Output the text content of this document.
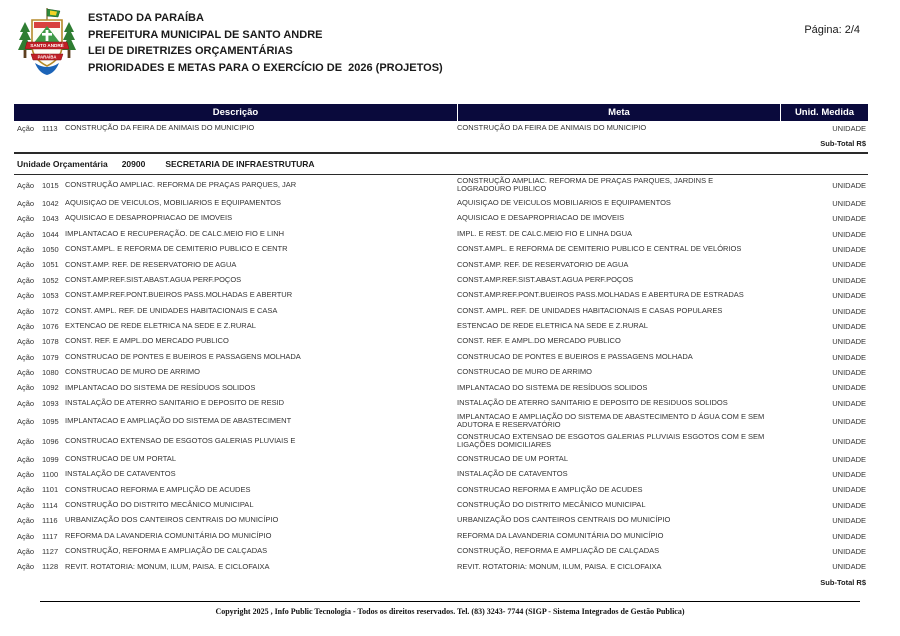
SANTO ANDRÉ
PARAÍBA
ESTADO DA PARAÍBA
PREFEITURA MUNICIPAL DE SANTO ANDRE
LEI DE DIRETRIZES ORÇAMENTÁRIAS
PRIORIDADES E METAS PARA O EXERCÍCIO DE  2026 (PROJETOS)
Página: 2/4
Descrição	Meta	Unid. Medida
Ação	1113 CONSTRUÇÃO DA FEIRA DE ANIMAIS DO MUNICIPIO	CONSTRUÇÃO DA FEIRA DE ANIMAIS DO MUNICIPIO	UNIDADE
Sub-Total R$
Unidade Orçamentária 20900 SECRETARIA DE INFRAESTRUTURA
Ação	1015 CONSTRUÇÃO AMPLIAC. REFORMA DE PRAÇAS PARQUES, JAR	CONSTRUÇÃO AMPLIAC. REFORMA DE PRAÇAS PARQUES, JARDINS E LOGRADOURO PUBLICO	UNIDADE
Ação	1042 AQUISIÇAO DE VEICULOS, MOBILIARIOS E EQUIPAMENTOS	AQUISIÇAO DE VEICULOS MOBILIARIOS E EQUIPAMENTOS	UNIDADE
Ação	1043 AQUISICAO E DESAPROPRIACAO DE IMOVEIS	AQUISICAO E DESAPROPRIACAO DE IMOVEIS	UNIDADE
Ação	1044 IMPLANTACAO E RECUPERAÇÃO. DE CALC.MEIO FIO E LINH	IMPL. E REST. DE CALC.MEIO FIO E LINHA DGUA	UNIDADE
Ação	1050 CONST.AMPL. E REFORMA DE CEMITERIO PUBLICO E CENTR	CONST.AMPL. E REFORMA DE CEMITERIO PUBLICO E CENTRAL DE VELÓRIOS	UNIDADE
Ação	1051 CONST.AMP. REF. DE RESERVATORIO DE AGUA	CONST.AMP. REF. DE RESERVATORIO DE AGUA	UNIDADE
Ação	1052 CONST.AMP.REF.SIST.ABAST.AGUA PERF.POÇOS	CONST.AMP.REF.SIST.ABAST.AGUA PERF.POÇOS	UNIDADE
Ação	1053 CONST.AMP.REF.PONT.BUEIROS PASS.MOLHADAS E ABERTUR	CONST.AMP.REF.PONT.BUEIROS PASS.MOLHADAS E ABERTURA DE ESTRADAS	UNIDADE
Ação	1072 CONST. AMPL. REF. DE UNIDADES HABITACIONAIS E CASA	CONST. AMPL. REF. DE UNIDADES HABITACIONAIS E CASAS POPULARES	UNIDADE
Ação	1076 EXTENCAO DE REDE ELETRICA NA SEDE E Z.RURAL	ESTENCAO DE REDE ELETRICA NA SEDE E Z.RURAL	UNIDADE
Ação	1078 CONST. REF. E AMPL.DO MERCADO PUBLICO	CONST. REF. E AMPL.DO MERCADO PUBLICO	UNIDADE
Ação	1079 CONSTRUCAO DE PONTES E BUEIROS E PASSAGENS MOLHADA	CONSTRUCAO DE PONTES E BUEIROS E PASSAGENS MOLHADA	UNIDADE
Ação	1080 CONSTRUCAO DE MURO DE ARRIMO	CONSTRUCAO DE MURO DE ARRIMO	UNIDADE
Ação	1092 IMPLANTACAO DO SISTEMA DE RESÍDUOS SOLIDOS	IMPLANTACAO DO SISTEMA DE RESÍDUOS SOLIDOS	UNIDADE
Ação	1093 INSTALAÇÃO DE ATERRO SANITARIO E DEPOSITO DE RESID	INSTALAÇÃO DE ATERRO SANITARIO E DEPOSITO DE RESIDUOS SOLIDOS	UNIDADE
Ação	1095 IMPLANTACAO E AMPLIAÇÃO DO SISTEMA DE ABASTECIMENT	IMPLANTACAO E AMPLIAÇÃO DO SISTEMA DE ABASTECIMENTO D ÁGUA COM E SEM ADUTORA E RESERVATÓRIO	UNIDADE
Ação	1096 CONSTRUCAO EXTENSAO DE ESGOTOS GALERIAS PLUVIAIS E	CONSTRUCAO EXTENSAO DE ESGOTOS GALERIAS PLUVIAIS ESGOTOS COM E SEM LIGAÇÕES DOMICILIARES	UNIDADE
Ação	1099 CONSTRUCAO DE UM PORTAL	CONSTRUCAO DE UM PORTAL	UNIDADE
Ação	1100 INSTALAÇÃO DE CATAVENTOS	INSTALAÇÃO DE CATAVENTOS	UNIDADE
Ação	1101 CONSTRUCAO REFORMA E AMPLIÇÃO DE ACUDES	CONSTRUCAO REFORMA E AMPLIÇÃO DE ACUDES	UNIDADE
Ação	1114 CONSTRUÇÃO DO DISTRITO MECÂNICO MUNICIPAL	CONSTRUÇÃO DO DISTRITO MECÂNICO MUNICIPAL	UNIDADE
Ação	1116 URBANIZAÇÃO DOS CANTEIROS CENTRAIS DO MUNICÍPIO	URBANIZAÇÃO DOS CANTEIROS CENTRAIS DO MUNICÍPIO	UNIDADE
Ação	1117 REFORMA DA LAVANDERIA COMUNITÁRIA DO MUNICÍPIO	REFORMA DA LAVANDERIA COMUNITÁRIA DO MUNICÍPIO	UNIDADE
Ação	1127 CONSTRUÇÃO, REFORMA E AMPLIAÇÃO DE CALÇADAS	CONSTRUÇÃO, REFORMA E AMPLIAÇÃO DE CALÇADAS	UNIDADE
Ação	1128 REVIT. ROTATORIA: MONUM, ILUM, PAISA. E CICLOFAIXA	REVIT. ROTATORIA: MONUM, ILUM, PAISA. E CICLOFAIXA	UNIDADE
Sub-Total R$
Copyright 2025 , Info Public Tecnologia - Todos os direitos reservados. Tel. (83) 3243- 7744 (SIGP - Sistema Integrados de Gestão Publica)
